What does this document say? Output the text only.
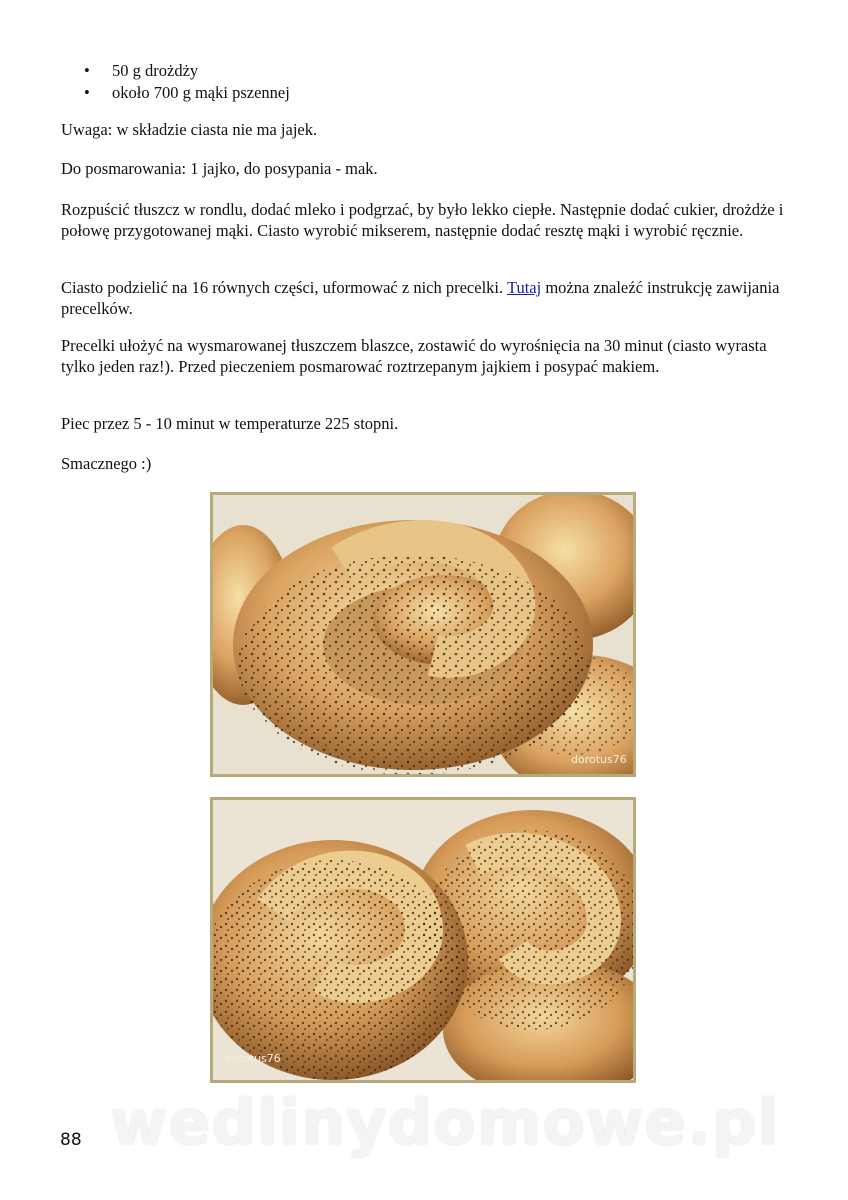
• 50 g drożdży
• około 700 g mąki pszennej

Uwaga: w składzie ciasta nie ma jajek.

Do posmarowania: 1 jajko, do posypania - mak.

Rozpuścić tłuszcz w rondlu, dodać mleko i podgrzać, by było lekko ciepłe. Następnie dodać cukier, drożdże i połowę przygotowanej mąki. Ciasto wyrobić mikserem, następnie dodać resztę mąki i wyrobić ręcznie.

Ciasto podzielić na 16 równych części, uformować z nich precelki. Tutaj można znaleźć instrukcję zawijania precelków.

Precelki ułożyć na wysmarowanej tłuszczem blaszce, zostawić do wyrośnięcia na 30 minut (ciasto wyrasta tylko jeden raz!). Przed pieczeniem posmarować roztrzepanym jajkiem i posypać makiem.

Piec przez 5 - 10 minut w temperaturze 225 stopni.

Smacznego :)

dorotus76
dorotus76
wedlinydomowe.pl
88
